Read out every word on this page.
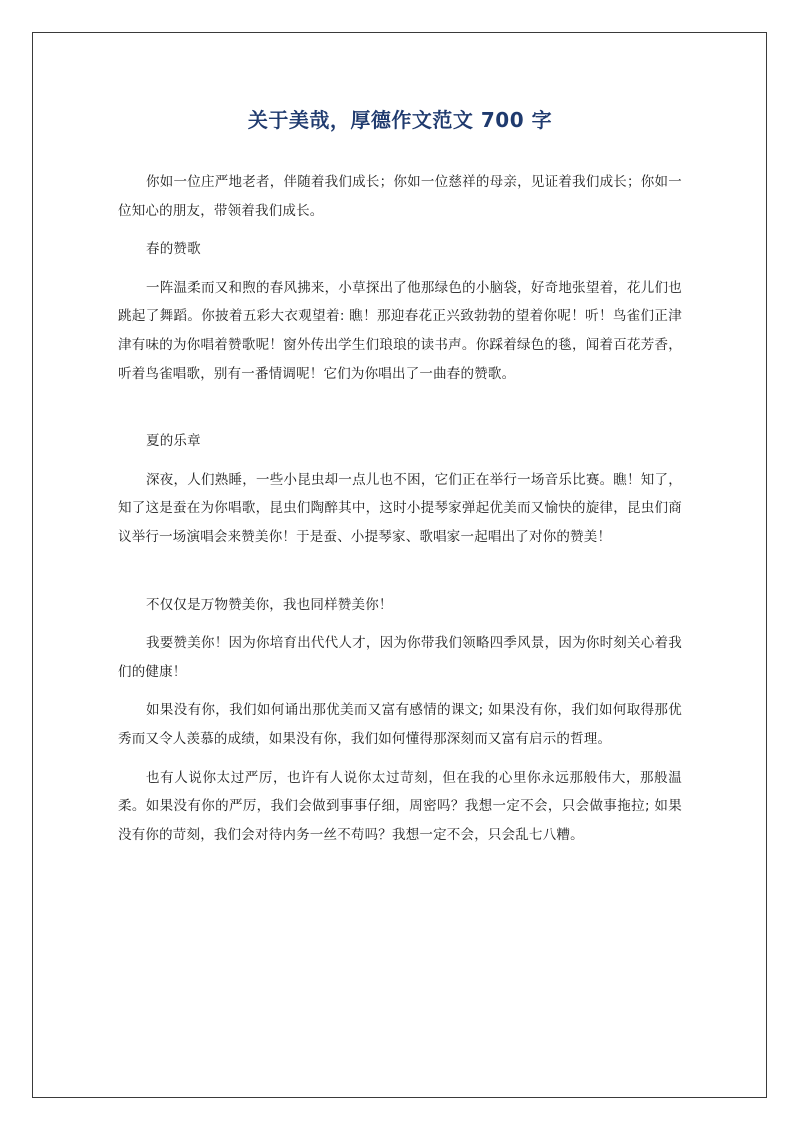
关于美哉，厚德作文范文 700 字

你如一位庄严地老者，伴随着我们成长；你如一位慈祥的母亲，见证着我们成长；你如一位知心的朋友，带领着我们成长。

春的赞歌

一阵温柔而又和煦的春风拂来，小草探出了他那绿色的小脑袋，好奇地张望着，花儿们也跳起了舞蹈。你披着五彩大衣观望着: 瞧！那迎春花正兴致勃勃的望着你呢！听！鸟雀们正津津有味的为你唱着赞歌呢！窗外传出学生们琅琅的读书声。你踩着绿色的毯，闻着百花芳香，听着鸟雀唱歌，别有一番情调呢！它们为你唱出了一曲春的赞歌。

夏的乐章

深夜，人们熟睡，一些小昆虫却一点儿也不困，它们正在举行一场音乐比赛。瞧！知了，知了这是蚕在为你唱歌，昆虫们陶醉其中，这时小提琴家弹起优美而又愉快的旋律，昆虫们商议举行一场演唱会来赞美你！于是蚕、小提琴家、歌唱家一起唱出了对你的赞美！

不仅仅是万物赞美你，我也同样赞美你！

我要赞美你！因为你培育出代代人才，因为你带我们领略四季风景，因为你时刻关心着我们的健康！

如果没有你，我们如何诵出那优美而又富有感情的课文; 如果没有你，我们如何取得那优秀而又令人羡慕的成绩，如果没有你，我们如何懂得那深刻而又富有启示的哲理。

也有人说你太过严厉，也许有人说你太过苛刻，但在我的心里你永远那般伟大，那般温柔。如果没有你的严厉，我们会做到事事仔细，周密吗？我想一定不会，只会做事拖拉; 如果没有你的苛刻，我们会对待内务一丝不苟吗？我想一定不会，只会乱七八糟。
